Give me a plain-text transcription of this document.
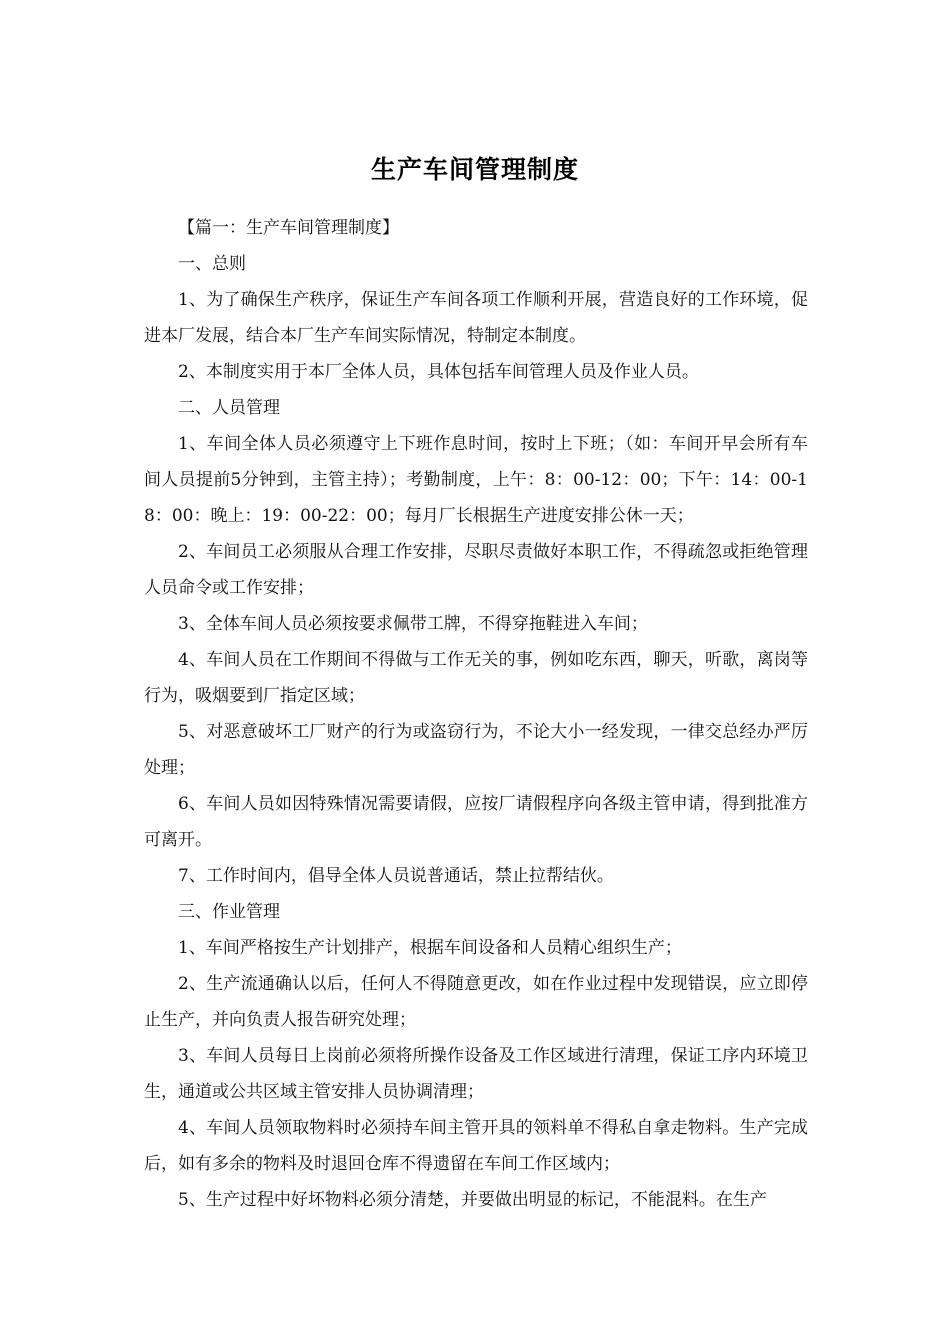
生产车间管理制度

【篇一：生产车间管理制度】

一、总则

1、为了确保生产秩序，保证生产车间各项工作顺利开展，营造良好的工作环境，促进本厂发展，结合本厂生产车间实际情况，特制定本制度。

2、本制度实用于本厂全体人员，具体包括车间管理人员及作业人员。

二、人员管理

1、车间全体人员必须遵守上下班作息时间，按时上下班；（如：车间开早会所有车间人员提前5分钟到，主管主持）；考勤制度，上午：8：00-12：00；下午：14：00-18：00：晚上：19：00-22：00；每月厂长根据生产进度安排公休一天；

2、车间员工必须服从合理工作安排，尽职尽责做好本职工作，不得疏忽或拒绝管理人员命令或工作安排；

3、全体车间人员必须按要求佩带工牌，不得穿拖鞋进入车间；

4、车间人员在工作期间不得做与工作无关的事，例如吃东西，聊天，听歌，离岗等行为，吸烟要到厂指定区域；

5、对恶意破坏工厂财产的行为或盗窃行为，不论大小一经发现，一律交总经办严厉处理；

6、车间人员如因特殊情况需要请假，应按厂请假程序向各级主管申请，得到批准方可离开。

7、工作时间内，倡导全体人员说普通话，禁止拉帮结伙。

三、作业管理

1、车间严格按生产计划排产，根据车间设备和人员精心组织生产；

2、生产流通确认以后，任何人不得随意更改，如在作业过程中发现错误，应立即停止生产，并向负责人报告研究处理；

3、车间人员每日上岗前必须将所操作设备及工作区域进行清理，保证工序内环境卫生，通道或公共区域主管安排人员协调清理；

4、车间人员领取物料时必须持车间主管开具的领料单不得私自拿走物料。生产完成后，如有多余的物料及时退回仓库不得遗留在车间工作区域内；

5、生产过程中好坏物料必须分清楚，并要做出明显的标记，不能混料。在生产
